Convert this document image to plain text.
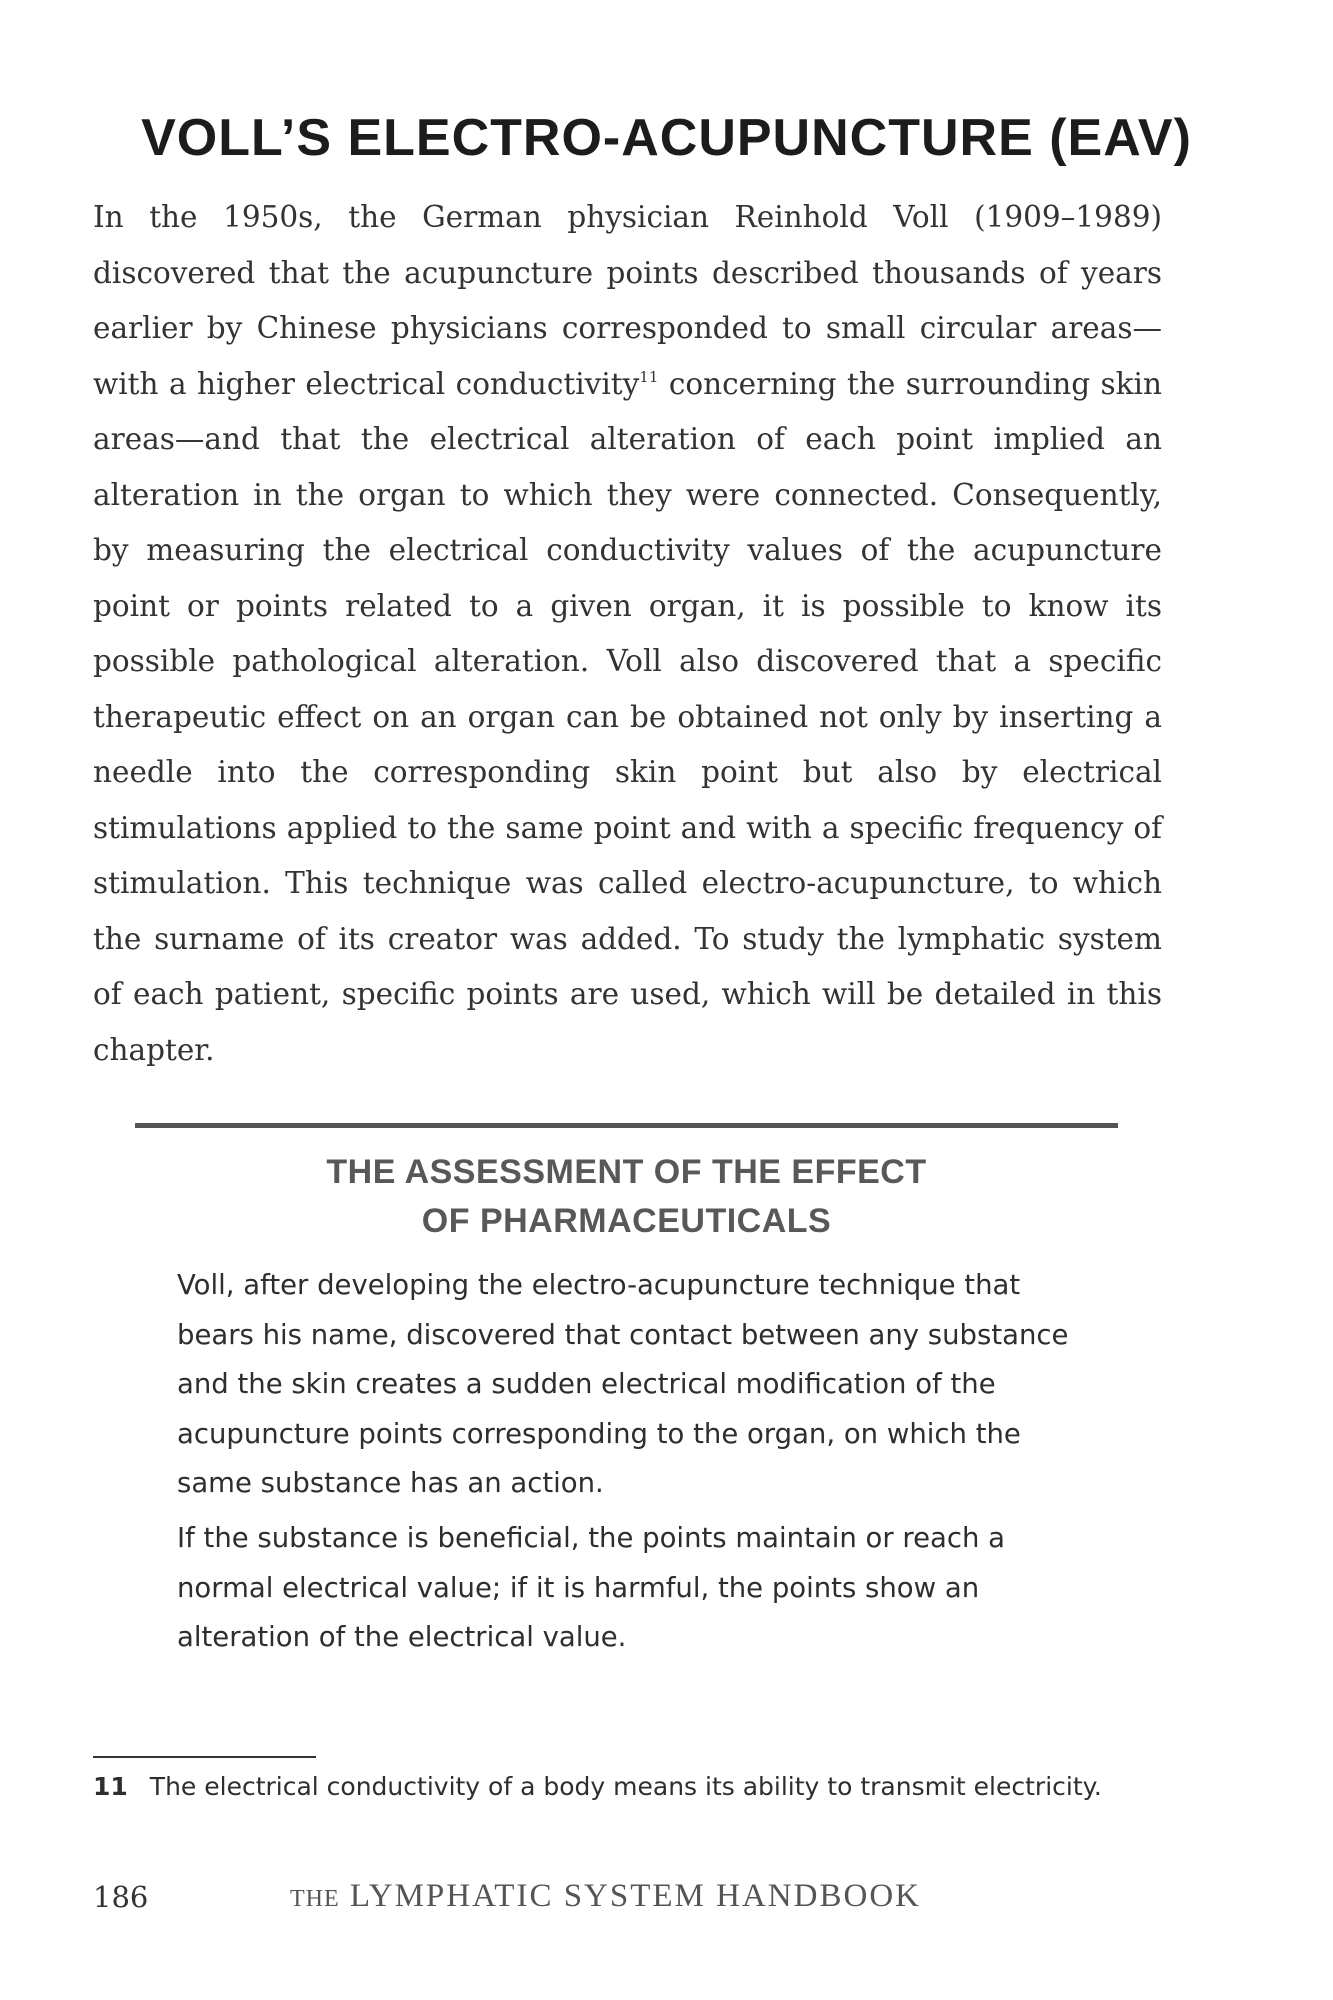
VOLL’S ELECTRO-ACUPUNCTURE (EAV)

In the 1950s, the German physician Reinhold Voll (1909–1989) discovered that the acupuncture points described thousands of years earlier by Chinese physicians corresponded to small circular areas—with a higher electrical conductivity$^{11}$ concerning the surrounding skin areas—and that the electrical alteration of each point implied an alteration in the organ to which they were connected. Consequently, by measuring the electrical conductivity values of the acupuncture point or points related to a given organ, it is possible to know its possible pathological alteration. Voll also discovered that a specific therapeutic effect on an organ can be obtained not only by inserting a needle into the corresponding skin point but also by electrical stimulations applied to the same point and with a specific frequency of stimulation. This technique was called electro-acupuncture, to which the surname of its creator was added. To study the lymphatic system of each patient, specific points are used, which will be detailed in this chapter.

THE ASSESSMENT OF THE EFFECT
OF PHARMACEUTICALS

Voll, after developing the electro-acupuncture technique that bears his name, discovered that contact between any substance and the skin creates a sudden electrical modification of the acupuncture points corresponding to the organ, on which the same substance has an action.

If the substance is beneficial, the points maintain or reach a normal electrical value; if it is harmful, the points show an alteration of the electrical value.

11 The electrical conductivity of a body means its ability to transmit electricity.

186	THE LYMPHATIC SYSTEM HANDBOOK
